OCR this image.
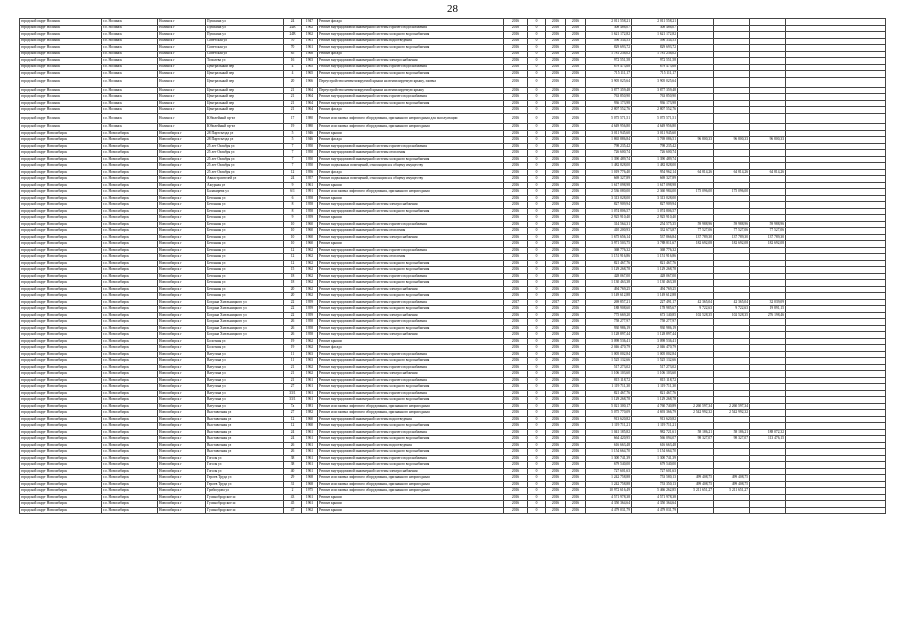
28
городской округ Нолинск	г.о. Нолинск	Нолинск г	Пушкина ул	24	1947	Ремонт фасада	2016	0	2016	2016	2 011 558,21	2 011 558,21				
городской округ Нолинск	г.о. Нолинск	Нолинск г	Пушкина ул	24В	1962	Ремонт внутридомовой инженерной системы горячего водоснабжения	2016	0	2016	2016	308 486,07	308 486,07				
городской округ Нолинск	г.о. Нолинск	Нолинск г	Пушкина ул	24В	1962	Ремонт внутридомовой инженерной системы холодного водоснабжения	2016	0	2016	2016	1 621 172,82	1 621 172,82				
городской округ Нолинск	г.о. Нолинск	Нолинск г	Советская ул	70	1961	Ремонт внутридомовой инженерной системы водоотведения	2016	0	2016	2016	596 334,53	596 334,53				
городской округ Нолинск	г.о. Нолинск	Нолинск г	Советская ул	70	1961	Ремонт внутридомовой инженерной системы холодного водоснабжения	2016	0	2016	2016	829 693,72	829 693,72				
городской округ Нолинск	г.о. Нолинск	Нолинск г	Советская ул	85	1968	Ремонт фасада	2016	0	2016	2016	1 781 236,02	1 781 236,02				
городской округ Нолинск	г.о. Нолинск	Нолинск г	Тополева ул	16	1963	Ремонт внутридомовой инженерной системы электроснабжения	2016	0	2016	2016	972 551,58	972 551,58				
городской округ Нолинск	г.о. Нолинск	Нолинск г	Центральный пер	4	1965	Ремонт внутридомовой инженерной системы горячего водоснабжения	2016	0	2016	2016	679 473,68	679 473,68				
городской округ Нолинск	г.о. Нолинск	Нолинск г	Центральный пер	4	1965	Ремонт внутридомовой инженерной системы холодного водоснабжения	2016	0	2016	2016	715 111,17	715 111,17				
городской округ Нолинск	г.о. Нолинск	Нолинск г	Центральный пер	20	1966	Переустройство невентилируемой крыши на вентилируемую крышу, замена	2016	0	2016	2016	3 905 025,64	3 905 025,64				
городской округ Нолинск	г.о. Нолинск	Нолинск г	Центральный пер	21	1964	Переустройство невентилируемой крыши на вентилируемую крышу	2016	0	2016	2016	3 877 359,48	3 877 359,48				
городской округ Нолинск	г.о. Нолинск	Нолинск г	Центральный пер	21	1964	Ремонт внутридомовой инженерной системы горячего водоснабжения	2016	0	2016	2016	763 850,90	763 850,90				
городской округ Нолинск	г.о. Нолинск	Нолинск г	Центральный пер	21	1964	Ремонт внутридомовой инженерной системы холодного водоснабжения	2016	0	2016	2016	936 173,98	936 173,98				
городской округ Нолинск	г.о. Нолинск	Нолинск г	Центральный пер	21	1964	Ремонт фасада	2016	0	2016	2016	2 807 552,76	2 807 552,76				
городской округ Нолинск	г.о. Нолинск	Нолинск г	Юбилейный пр-кт	17	1980	Ремонт или замена лифтового оборудования, признанного непригодным для эксплуатации	2016	0	2016	2016	5 075 571,51	5 075 571,51				
городской округ Нолинск	г.о. Нолинск	Нолинск г	Юбилейный пр-кт	19	1980	Ремонт или замена лифтового оборудования, признанного непригодным	2016	0	2016	2016	4 649 956,80	4 649 956,80				
городской округ Новосибирск	г.о. Новосибирск	Новосибирск г	28 Партсъезда ул	5	1946	Ремонт крыши	2016	0	2016	2016	3 011 945,60	3 011 945,60				
городской округ Новосибирск	г.о. Новосибирск	Новосибирск г	28 Партсъезда ул	5	1946	Ремонт фасада	2016	0	2016	2016	1 865 886,84	1 769 086,51	96 800,33	96 800,33	96 800,33	
городской округ Новосибирск	г.о. Новосибирск	Новосибирск г	25 лет Октября ул	7	1950	Ремонт внутридомовой инженерной системы горячего водоснабжения	2016	0	2016	2016	798 235,42	798 235,42				
городской округ Новосибирск	г.о. Новосибирск	Новосибирск г	25 лет Октября ул	7	1950	Ремонт внутридомовой инженерной системы отопления	2016	0	2016	2016	726 600,74	726 600,74				
городской округ Новосибирск	г.о. Новосибирск	Новосибирск г	25 лет Октября ул	7	1950	Ремонт внутридомовой инженерной системы холодного водоснабжения	2016	0	2016	2016	1 390 489,74	1 390 489,74				
городской округ Новосибирск	г.о. Новосибирск	Новосибирск г	25 лет Октября ул	7	1950	Ремонт подвальных помещений, относящихся к общему имуществу	2016	0	2016	2016	1 482 828,00	1 482 828,00				
городской округ Новосибирск	г.о. Новосибирск	Новосибирск г	25 лет Октября ул	12	1956	Ремонт фасада	2016	0	2016	2016	1 019 776,40	954 962,14	64 814,26	64 814,26	64 814,26	
городской округ Новосибирск	г.о. Новосибирск	Новосибирск г	Авиастроителей ул	24	1957	Ремонт подвальных помещений, относящихся к общему имуществу	2016	0	2016	2016	669 327,89	669 327,89				
городской округ Новосибирск	г.о. Новосибирск	Новосибирск г	Ажурная ул	9	1961	Ремонт крыши	2016	0	2016	2016	1 617 098,98	1 617 098,98				
городской округ Новосибирск	г.о. Новосибирск	Новосибирск г	Балакирева ул	6/1	1991	Ремонт или замена лифтового оборудования, признанного непригодным	2016	0	2016	2016	2 536 080,00	2 360 984,00	175 096,00	175 096,00		
городской округ Новосибирск	г.о. Новосибирск	Новосибирск г	Бетонная ул	6	1958	Ремонт крыши	2016	0	2016	2016	3 313 028,00	3 313 028,00				
городской округ Новосибирск	г.о. Новосибирск	Новосибирск г	Бетонная ул	8	1958	Ремонт внутридомовой инженерной системы электроснабжения	2016	0	2016	2016	827 909,94	827 909,94				
городской округ Новосибирск	г.о. Новосибирск	Новосибирск г	Бетонная ул	8	1958	Ремонт внутридомовой инженерной системы холодного водоснабжения	2016	0	2016	2016	1 074 806,57	1 074 806,57				
городской округ Новосибирск	г.о. Новосибирск	Новосибирск г	Бетонная ул	9	1959	Ремонт крыши	2016	0	2016	2016	2 925 910,40	2 925 910,40				
городской округ Новосибирск	г.о. Новосибирск	Новосибирск г	Бетонная ул	10	1960	Ремонт внутридомовой инженерной системы горячего водоснабжения	2016	0	2016	2016	314 564,31	254 575,35	59 988,96	59 988,96	59 988,96	
городской округ Новосибирск	г.о. Новосибирск	Новосибирск г	Бетонная ул	10	1960	Ремонт внутридомовой инженерной системы отопления	2016	0	2016	2016	410 200,93	332 673,87	77 527,06	77 527,06	77 527,06	
городской округ Новосибирск	г.о. Новосибирск	Новосибирск г	Бетонная ул	10	1960	Ремонт внутридомовой инженерной системы электроснабжения	2016	0	2016	2016	1 675 656,14	537 866,84	137 789,30	137 789,30	137 789,30	
городской округ Новосибирск	г.о. Новосибирск	Новосибирск г	Бетонная ул	10	1960	Ремонт крыши	2016	0	2016	2016	3 971 503,75	3 788 811,67	182 692,08	182 692,08	182 692,08	
городской округ Новосибирск	г.о. Новосибирск	Новосибирск г	Бетонная ул	12	1962	Ремонт внутридомовой инженерной системы горячего водоснабжения	2016	0	2016	2016	368 776,32	368 776,32				
городской округ Новосибирск	г.о. Новосибирск	Новосибирск г	Бетонная ул	12	1962	Ремонт внутридомовой инженерной системы отопления	2016	0	2016	2016	1 151 916,86	1 151 916,86				
городской округ Новосибирск	г.о. Новосибирск	Новосибирск г	Бетонная ул	12	1962	Ремонт внутридомовой инженерной системы холодного водоснабжения	2016	0	2016	2016	821 467,76	821 467,76				
городской округ Новосибирск	г.о. Новосибирск	Новосибирск г	Бетонная ул	15	1962	Ремонт внутридомовой инженерной системы холодного водоснабжения	2016	0	2016	2016	1 129 268,78	1 129 268,78				
городской округ Новосибирск	г.о. Новосибирск	Новосибирск г	Бетонная ул	18	1962	Ремонт внутридомовой инженерной системы горячего водоснабжения	2016	0	2016	2016	428 067,00	428 067,00				
городской округ Новосибирск	г.о. Новосибирск	Новосибирск г	Бетонная ул	18	1962	Ремонт внутридомовой инженерной системы холодного водоснабжения	2016	0	2016	2016	1 130 463,38	1 130 463,38				
городской округ Новосибирск	г.о. Новосибирск	Новосибирск г	Бетонная ул	20	1962	Ремонт внутридомовой инженерной системы электроснабжения	2016	0	2016	2016	494 769,25	494 769,25				
городской округ Новосибирск	г.о. Новосибирск	Новосибирск г	Бетонная ул	20	1962	Ремонт внутридомовой инженерной системы холодного водоснабжения	2016	0	2016	2016	1 149 612,88	1 149 612,88				
городской округ Новосибирск	г.о. Новосибирск	Новосибирск г	Богдана Хмельницкого ул	22	1959	Ремонт внутридомовой инженерной системы горячего водоснабжения	2017	0	2017	2017	269 857,21	227 491,17	42 365,04	42 365,04	32 039,09	
городской округ Новосибирск	г.о. Новосибирск	Новосибирск г	Богдана Хмельницкого ул	22	1959	Ремонт внутридомовой инженерной системы холодного водоснабжения	2016	0	2016	2016	188 908,60	178 985,67	9 722,63	9 722,63	19 891,15	
городской округ Новосибирск	г.о. Новосибирск	Новосибирск г	Богдана Хмельницкого ул	22	1959	Ремонт внутридомовой инженерной системы электроснабжения	2016	0	2016	2016	775 669,20	673 140,85	102 528,35	102 528,35	276 198,46	
городской округ Новосибирск	г.о. Новосибирск	Новосибирск г	Богдана Хмельницкого ул	26	1958	Ремонт внутридомовой инженерной системы горячего водоснабжения	2016	0	2016	2016	758 277,97	758 277,97				
городской округ Новосибирск	г.о. Новосибирск	Новосибирск г	Богдана Хмельницкого ул	26	1958	Ремонт внутридомовой инженерной системы холодного водоснабжения	2016	0	2016	2016	930 986,19	930 986,19				
городской округ Новосибирск	г.о. Новосибирск	Новосибирск г	Богдана Хмельницкого ул	26	1958	Ремонт внутридомовой инженерной системы электроснабжения	2016	0	2016	2016	1 128 897,44	1 128 897,44				
городской округ Новосибирск	г.о. Новосибирск	Новосибирск г	Болотная ул	19	1962	Ремонт крыши	2016	0	2016	2016	3 098 536,41	3 098 536,41				
городской округ Новосибирск	г.о. Новосибирск	Новосибирск г	Болотная ул	19	1962	Ремонт фасада	2016	0	2016	2016	2 046 470,79	2 046 470,79				
городской округ Новосибирск	г.о. Новосибирск	Новосибирск г	Ватутина ул	11	1963	Ремонт внутридомовой инженерной системы горячего водоснабжения	2016	0	2016	2016	1 005 002,84	1 005 002,84				
городской округ Новосибирск	г.о. Новосибирск	Новосибирск г	Ватутина ул	11	1963	Ремонт внутридомовой инженерной системы холодного водоснабжения	2016	0	2016	2016	1 525 132,66	1 525 132,66				
городской округ Новосибирск	г.о. Новосибирск	Новосибирск г	Ватутина ул	21	1962	Ремонт внутридомовой инженерной системы горячего водоснабжения	2016	0	2016	2016	517 273,02	517 273,02				
городской округ Новосибирск	г.о. Новосибирск	Новосибирск г	Ватутина ул	21	1962	Ремонт внутридомовой инженерной системы электроснабжения	2016	0	2016	2016	1 106 103,60	1 106 103,60				
городской округ Новосибирск	г.о. Новосибирск	Новосибирск г	Ватутина ул	21	1961	Ремонт внутридомовой инженерной системы горячего водоснабжения	2016	0	2016	2016	815 118,72	815 118,72				
городской округ Новосибирск	г.о. Новосибирск	Новосибирск г	Ватутина ул	27	1961	Ремонт внутридомовой инженерной системы холодного водоснабжения	2016	0	2016	2016	1 119 711,30	1 119 711,30				
городской округ Новосибирск	г.о. Новосибирск	Новосибирск г	Ватутина ул	33/1	1961	Ремонт внутридомовой инженерной системы горячего водоснабжения	2016	0	2016	2016	821 467,76	821 467,76				
городской округ Новосибирск	г.о. Новосибирск	Новосибирск г	Ватутина ул	33/1	1961	Ремонт внутридомовой инженерной системы холодного водоснабжения	2016	0	2016	2016	1 129 268,78	1 129 268,78				
городской округ Новосибирск	г.о. Новосибирск	Новосибирск г	Ватутина ул	7а	1981	Ремонт или замена лифтового оборудования, признанного непригодным	2016	0	2016	2016	5 021 300,17	4 760 740,89	2 260 597,34	2 260 597,34		
городской округ Новосибирск	г.о. Новосибирск	Новосибирск г	Выставочная ул	27	1982	Ремонт или замена лифтового оборудования, признанного непригодным	2016	0	2016	2016	5 075 770,09	4 693 366,79	2 542 992,32	2 542 992,32		
городской округ Новосибирск	г.о. Новосибирск	Новосибирск г	Выставочная ул	12	1960	Ремонт внутридомовой инженерной системы водоотведения	2016	0	2016	2016	913 620,82	913 620,82				
городской округ Новосибирск	г.о. Новосибирск	Новосибирск г	Выставочная ул	12	1960	Ремонт внутридомовой инженерной системы холодного водоснабжения	2016	0	2016	2016	1 119 711,21	1 119 711,21				
городской округ Новосибирск	г.о. Новосибирск	Новосибирск г	Выставочная ул	24	1961	Ремонт внутридомовой инженерной системы горячего водоснабжения	2016	0	2016	2016	1 041 185,82	982 721,61	58 186,21	58 186,21	188 072,32	
городской округ Новосибирск	г.о. Новосибирск	Новосибирск г	Выставочная ул	24	1961	Ремонт внутридомовой инженерной системы холодного водоснабжения	2016	0	2016	2016	664 420,95	566 094,07	98 327,07	98 327,07	113 476,15	
городской округ Новосибирск	г.о. Новосибирск	Новосибирск г	Выставочная ул	26	1961	Ремонт внутридомовой инженерной системы водоотведения	2016	0	2016	2016	616 663,48	616 663,48				
городской округ Новосибирск	г.о. Новосибирск	Новосибирск г	Выставочная ул	26	1961	Ремонт внутридомовой инженерной системы холодного водоснабжения	2016	0	2016	2016	1 154 664,70	1 154 664,70				
городской округ Новосибирск	г.о. Новосибирск	Новосибирск г	Гоголя ул	38	1961	Ремонт внутридомовой инженерной системы горячего водоснабжения	2016	0	2016	2016	1 300 741,39	1 300 741,39				
городской округ Новосибирск	г.о. Новосибирск	Новосибирск г	Гоголя ул	38	1961	Ремонт внутридомовой инженерной системы холодного водоснабжения	2016	0	2016	2016	679 540,00	679 540,00				
городской округ Новосибирск	г.о. Новосибирск	Новосибирск г	Гоголя ул	40	1961	Ремонт внутридомовой инженерной системы электроснабжения	2016	0	2016	2016	727 601,63	727 601,63				
городской округ Новосибирск	г.о. Новосибирск	Новосибирск г	Героев Труда ул	29	1968	Ремонт или замена лифтового оборудования, признанного непригодным	2016	0	2016	2016	1 242 758,88	753 580,13	499 408,75	499 408,75		
городской округ Новосибирск	г.о. Новосибирск	Новосибирск г	Героев Труда ул	31	1968	Ремонт или замена лифтового оборудования, признанного непригодным	2016	0	2016	2016	1 242 758,88	753 350,13	499 408,75	499 408,75		
городской округ Новосибирск	г.о. Новосибирск	Новосибирск г	Грибоедова ул	2	1975	Ремонт или замена лифтового оборудования, признанного непригодным	2016	0	2016	2016	10 972 616,49	5 466 262,85	5 211 651,27	5 211 651,27		
городской округ Новосибирск	г.о. Новосибирск	Новосибирск г	Гусинобродское ш	43	1961	Ремонт крыши	2016	0	2016	2016	4 571 978,38	4 571 978,38				
городской округ Новосибирск	г.о. Новосибирск	Новосибирск г	Гусинобродское ш	45	1961	Ремонт крыши	2016	0	2016	2016	4 350 364,64	4 350 364,64				
городской округ Новосибирск	г.о. Новосибирск	Новосибирск г	Гусинобродское ш	47	1962	Ремонт крыши	2016	0	2016	2016	4 479 031,79	4 479 031,79				
